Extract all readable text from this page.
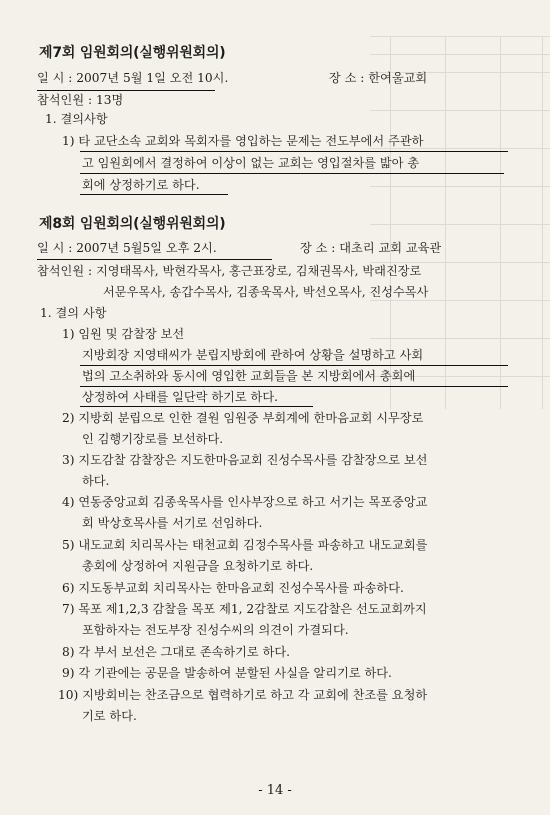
제7회 임원회의(실행위원회의)
일 시 : 2007년 5월 1일 오전 10시.	장 소 : 한여울교회
참석인원 : 13명
1. 결의사항
1) 타 교단소속 교회와 목회자를 영입하는 문제는 전도부에서 주관하
고 임원회에서 결정하여 이상이 없는 교회는 영입절차를 밟아 총
회에 상정하기로 하다.
제8회 임원회의(실행위원회의)
일 시 : 2007년 5월5일 오후 2시.	장 소 : 대초리 교회 교육관
참석인원 : 지영태목사, 박현각목사, 홍근표장로, 김채권목사, 박래진장로
서문우목사, 송갑수목사, 김종욱목사, 박선오목사, 진성수목사
1. 결의 사항
1) 임원 및 감찰장 보선
지방회장 지영태씨가 분립지방회에 관하여 상황을 설명하고 사회
법의 고소취하와 동시에 영입한 교회들을 본 지방회에서 총회에
상정하여 사태를 일단락 하기로 하다.
2) 지방회 분립으로 인한 결원 임원중 부회계에 한마음교회 시무장로
인 김행기장로를 보선하다.
3) 지도감찰 감찰장은 지도한마음교회 진성수목사를 감찰장으로 보선
하다.
4) 연동중앙교회 김종욱목사를 인사부장으로 하고 서기는 목포중앙교
회 박상호목사를 서기로 선임하다.
5) 내도교회 치리목사는 태천교회 김정수목사를 파송하고 내도교회를
총회에 상정하여 지원금을 요청하기로 하다.
6) 지도동부교회 치리목사는 한마음교회 진성수목사를 파송하다.
7) 목포 제1,2,3 감찰을 목포 제1, 2감찰로 지도감찰은 선도교회까지
포함하자는 전도부장 진성수씨의 의견이 가결되다.
8) 각 부서 보선은 그대로 존속하기로 하다.
9) 각 기관에는 공문을 발송하여 분할된 사실을 알리기로 하다.
10) 지방회비는 찬조금으로 협력하기로 하고 각 교회에 찬조를 요청하
기로 하다.
- 14 -
